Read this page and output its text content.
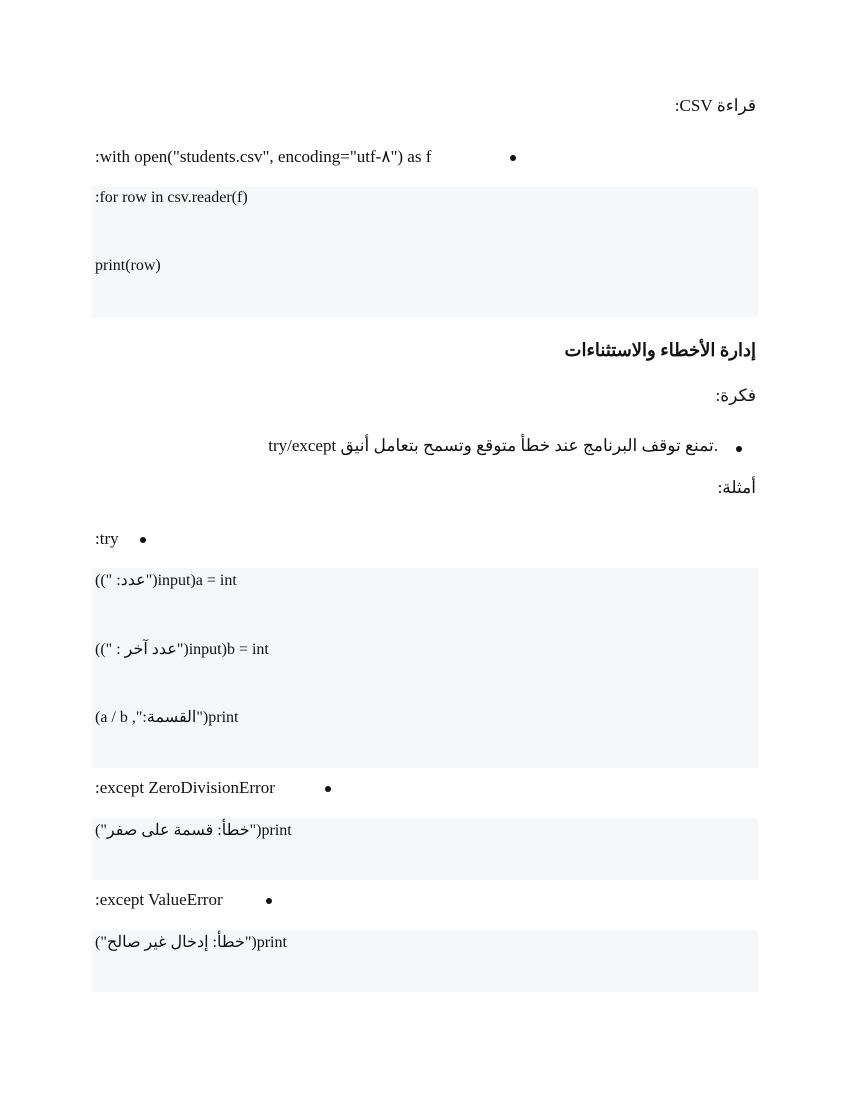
قراءة CSV:
:with open("students.csv", encoding="utf-٨") as f
:for row in csv.reader(f)
print(row)
إدارة الأخطاء والاستثناءات
فكرة:
try/except تمنع توقف البرنامج عند خطأ متوقع وتسمح بتعامل أنيق.
أمثلة:
:try
((" :عدد")input)a = int
((" : عدد آخر")input)b = int
(a / b ,":القسمة")print
:except ZeroDivisionError
("خطأ: قسمة على صفر")print
:except ValueError
("خطأ: إدخال غير صالح")print
